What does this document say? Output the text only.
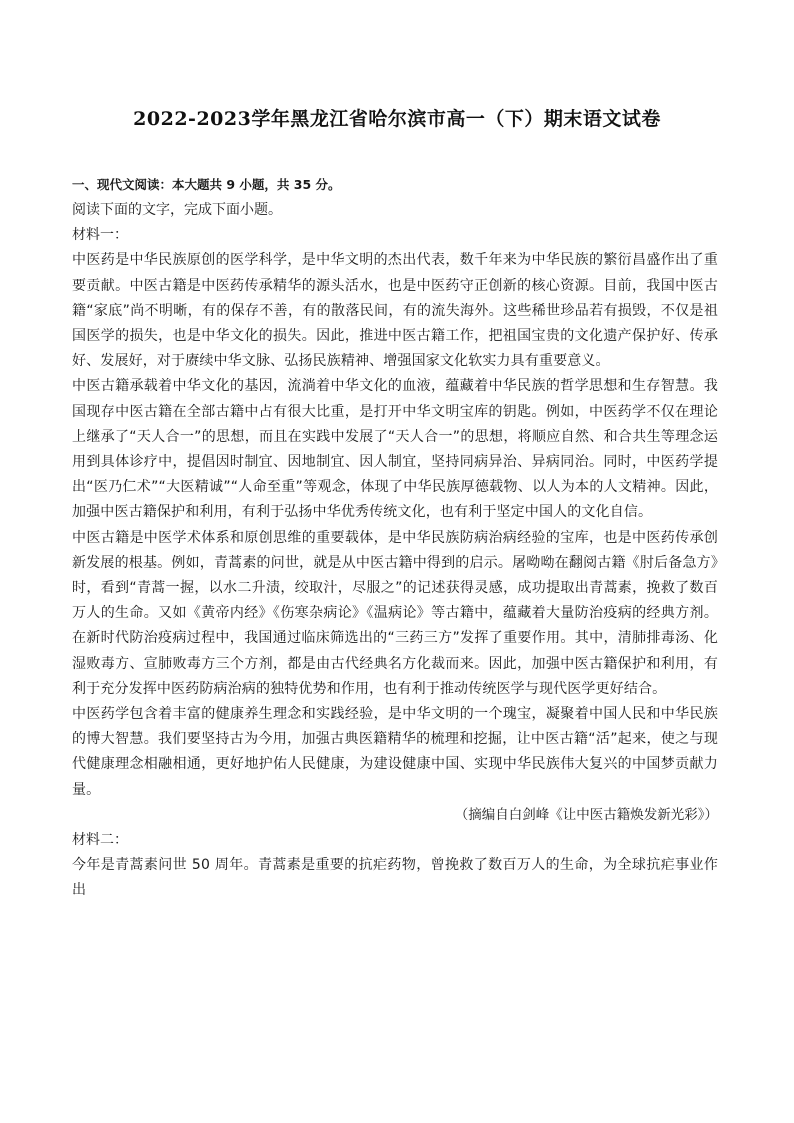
2022-2023学年黑龙江省哈尔滨市高一（下）期末语文试卷

一、现代文阅读：本大题共 9 小题，共 35 分。

阅读下面的文字，完成下面小题。

材料一：

中医药是中华民族原创的医学科学，是中华文明的杰出代表，数千年来为中华民族的繁衍昌盛作出了重要贡献。中医古籍是中医药传承精华的源头活水，也是中医药守正创新的核心资源。目前，我国中医古籍“家底”尚不明晰，有的保存不善，有的散落民间，有的流失海外。这些稀世珍品若有损毁，不仅是祖国医学的损失，也是中华文化的损失。因此，推进中医古籍工作，把祖国宝贵的文化遗产保护好、传承好、发展好，对于赓续中华文脉、弘扬民族精神、增强国家文化软实力具有重要意义。

中医古籍承载着中华文化的基因，流淌着中华文化的血液，蕴藏着中华民族的哲学思想和生存智慧。我国现存中医古籍在全部古籍中占有很大比重，是打开中华文明宝库的钥匙。例如，中医药学不仅在理论上继承了“天人合一”的思想，而且在实践中发展了“天人合一”的思想，将顺应自然、和合共生等理念运用到具体诊疗中，提倡因时制宜、因地制宜、因人制宜，坚持同病异治、异病同治。同时，中医药学提出“医乃仁术”“大医精诚”“人命至重”等观念，体现了中华民族厚德载物、以人为本的人文精神。因此，加强中医古籍保护和利用，有利于弘扬中华优秀传统文化，也有利于坚定中国人的文化自信。

中医古籍是中医学术体系和原创思维的重要载体，是中华民族防病治病经验的宝库，也是中医药传承创新发展的根基。例如，青蒿素的问世，就是从中医古籍中得到的启示。屠呦呦在翻阅古籍《肘后备急方》时，看到“青蒿一握，以水二升渍，绞取汁，尽服之”的记述获得灵感，成功提取出青蒿素，挽救了数百万人的生命。又如《黄帝内经》《伤寒杂病论》《温病论》等古籍中，蕴藏着大量防治疫病的经典方剂。在新时代防治疫病过程中，我国通过临床筛选出的“三药三方”发挥了重要作用。其中，清肺排毒汤、化湿败毒方、宣肺败毒方三个方剂，都是由古代经典名方化裁而来。因此，加强中医古籍保护和利用，有利于充分发挥中医药防病治病的独特优势和作用，也有利于推动传统医学与现代医学更好结合。

中医药学包含着丰富的健康养生理念和实践经验，是中华文明的一个瑰宝，凝聚着中国人民和中华民族的博大智慧。我们要坚持古为今用，加强古典医籍精华的梳理和挖掘，让中医古籍“活”起来，使之与现代健康理念相融相通，更好地护佑人民健康，为建设健康中国、实现中华民族伟大复兴的中国梦贡献力量。

（摘编自白剑峰《让中医古籍焕发新光彩》）

材料二：

今年是青蒿素问世 50 周年。青蒿素是重要的抗疟药物，曾挽救了数百万人的生命，为全球抗疟事业作出
